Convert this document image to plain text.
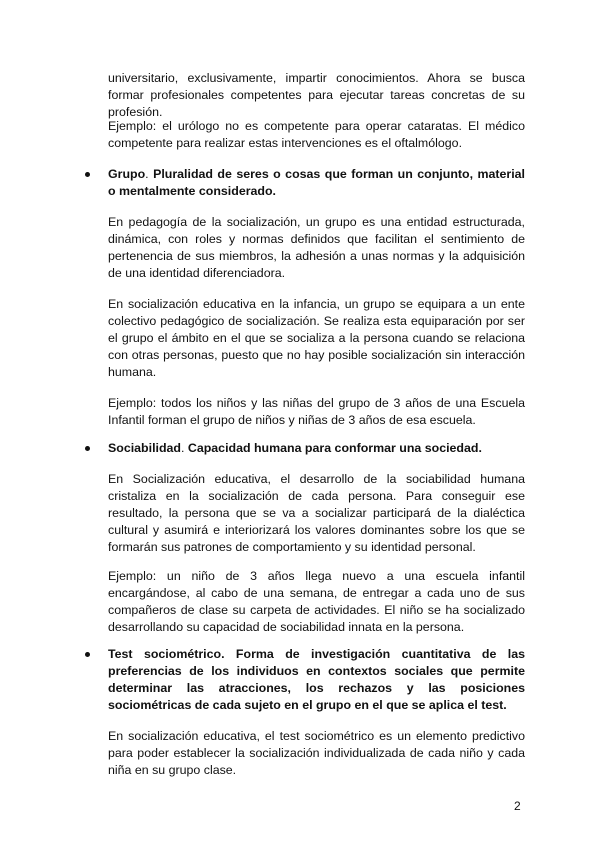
universitario, exclusivamente, impartir conocimientos. Ahora se busca formar profesionales competentes para ejecutar tareas concretas de su profesión.

Ejemplo: el urólogo no es competente para operar cataratas. El médico competente para realizar estas intervenciones es el oftalmólogo.

Grupo. Pluralidad de seres o cosas que forman un conjunto, material o mentalmente considerado.

En pedagogía de la socialización, un grupo es una entidad estructurada, dinámica, con roles y normas definidos que facilitan el sentimiento de pertenencia de sus miembros, la adhesión a unas normas y la adquisición de una identidad diferenciadora.

En socialización educativa en la infancia, un grupo se equipara a un ente colectivo pedagógico de socialización. Se realiza esta equiparación por ser el grupo el ámbito en el que se socializa a la persona cuando se relaciona con otras personas, puesto que no hay posible socialización sin interacción humana.

Ejemplo: todos los niños y las niñas del grupo de 3 años de una Escuela Infantil forman el grupo de niños y niñas de 3 años de esa escuela.

Sociabilidad. Capacidad humana para conformar una sociedad.

En Socialización educativa, el desarrollo de la sociabilidad humana cristaliza en la socialización de cada persona. Para conseguir ese resultado, la persona que se va a socializar participará de la dialéctica cultural y asumirá e interiorizará los valores dominantes sobre los que se formarán sus patrones de comportamiento y su identidad personal.

Ejemplo: un niño de 3 años llega nuevo a una escuela infantil encargándose, al cabo de una semana, de entregar a cada uno de sus compañeros de clase su carpeta de actividades. El niño se ha socializado desarrollando su capacidad de sociabilidad innata en la persona.

Test sociométrico. Forma de investigación cuantitativa de las preferencias de los individuos en contextos sociales que permite determinar las atracciones, los rechazos y las posiciones sociométricas de cada sujeto en el grupo en el que se aplica el test.

En socialización educativa, el test sociométrico es un elemento predictivo para poder establecer la socialización individualizada de cada niño y cada niña en su grupo clase.

2
